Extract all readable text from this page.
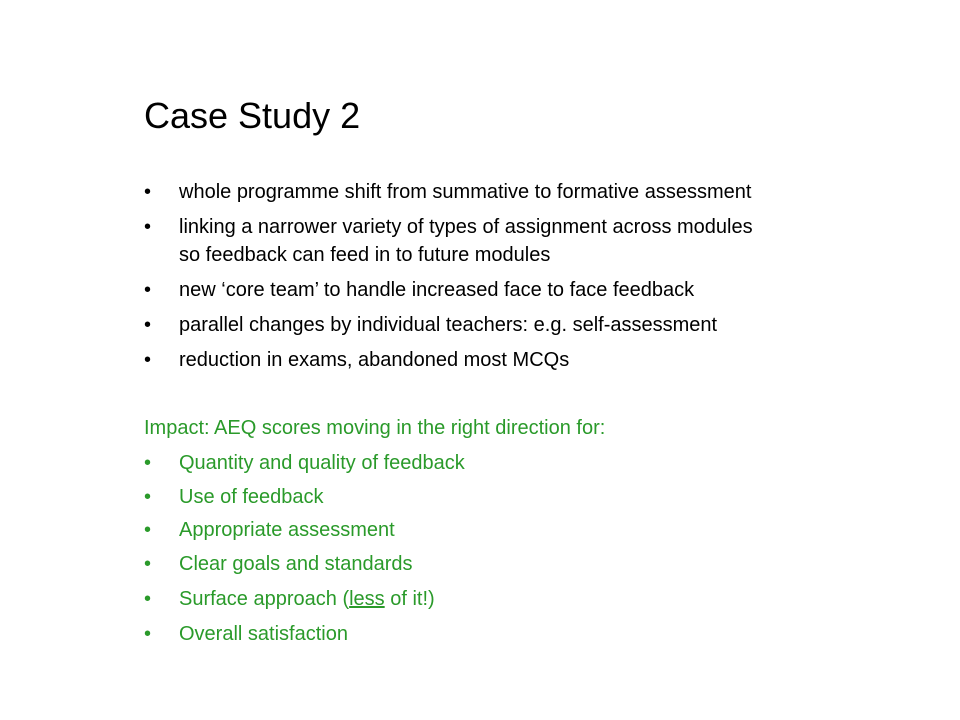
Case Study 2
• whole programme shift from summative to formative assessment
• linking a narrower variety of types of assignment across modules
so feedback can feed in to future modules
• new ‘core team’ to handle increased face to face feedback
• parallel changes by individual teachers: e.g. self-assessment
• reduction in exams, abandoned most MCQs
Impact: AEQ scores moving in the right direction for:
• Quantity and quality of feedback
• Use of feedback
• Appropriate assessment
• Clear goals and standards
• Surface approach (less of it!)
• Overall satisfaction
